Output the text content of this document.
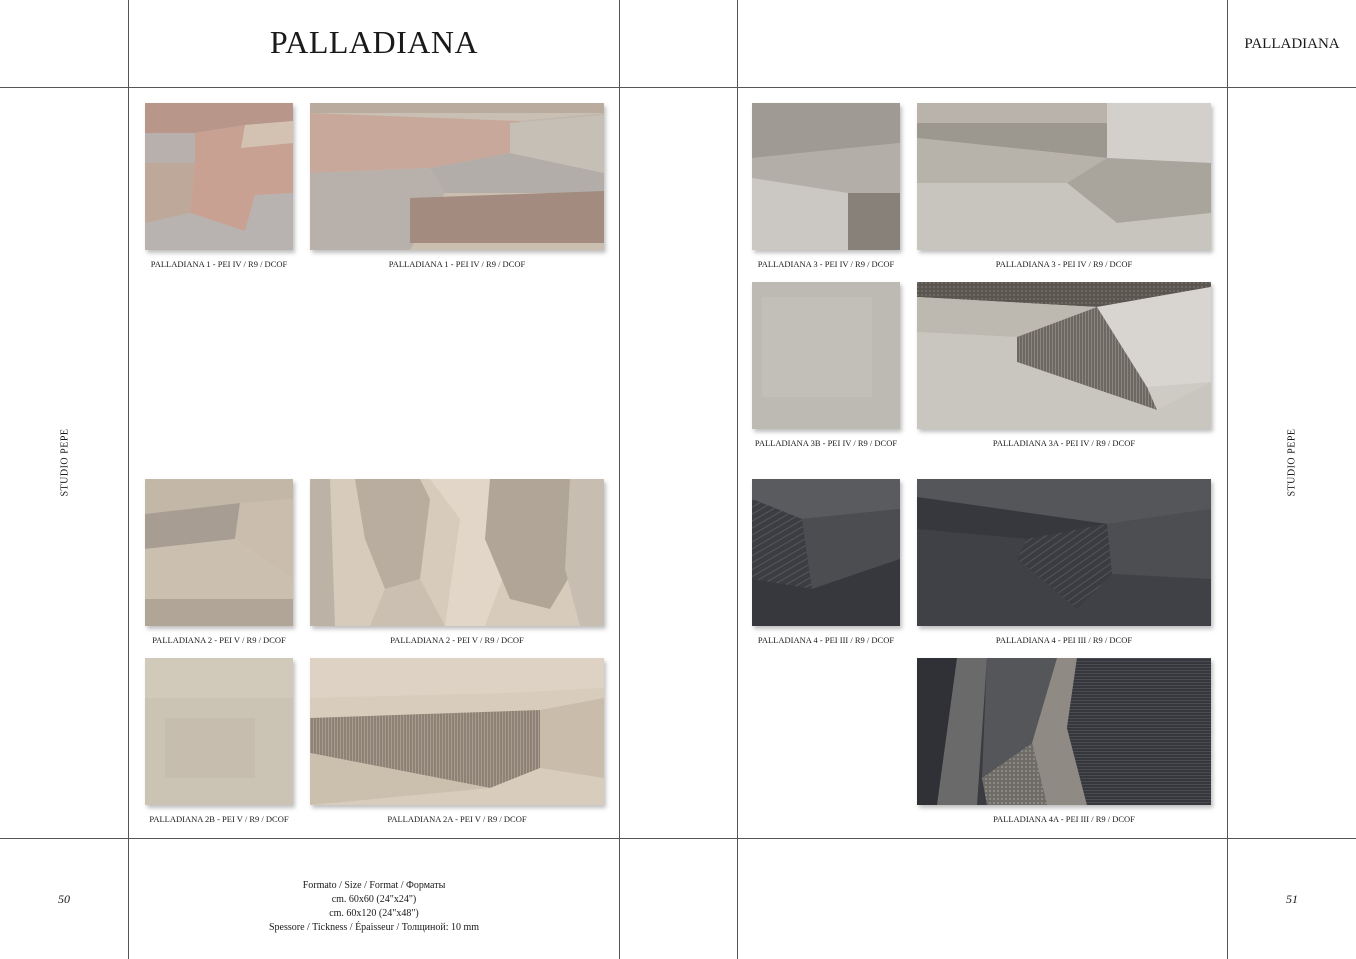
PALLADIANA	PALLADIANA
STUDIO PEPE	STUDIO PEPE
50	51
Formato / Size / Format / Форматы
cm. 60x60 (24"x24")
cm. 60x120 (24"x48")
Spessore / Tickness / Épaisseur / Толщиной: 10 mm
PALLADIANA 1 - PEI IV / R9 / DCOF	PALLADIANA 1 - PEI IV / R9 / DCOF
PALLADIANA 2 - PEI V / R9 / DCOF	PALLADIANA 2 - PEI V / R9 / DCOF
PALLADIANA 2B - PEI V / R9 / DCOF	PALLADIANA 2A - PEI V / R9 / DCOF
PALLADIANA 3 - PEI IV / R9 / DCOF	PALLADIANA 3 - PEI IV / R9 / DCOF
PALLADIANA 3B - PEI IV / R9 / DCOF	PALLADIANA 3A - PEI IV / R9 / DCOF
PALLADIANA 4 - PEI III / R9 / DCOF	PALLADIANA 4 - PEI III / R9 / DCOF
PALLADIANA 4A - PEI III / R9 / DCOF
